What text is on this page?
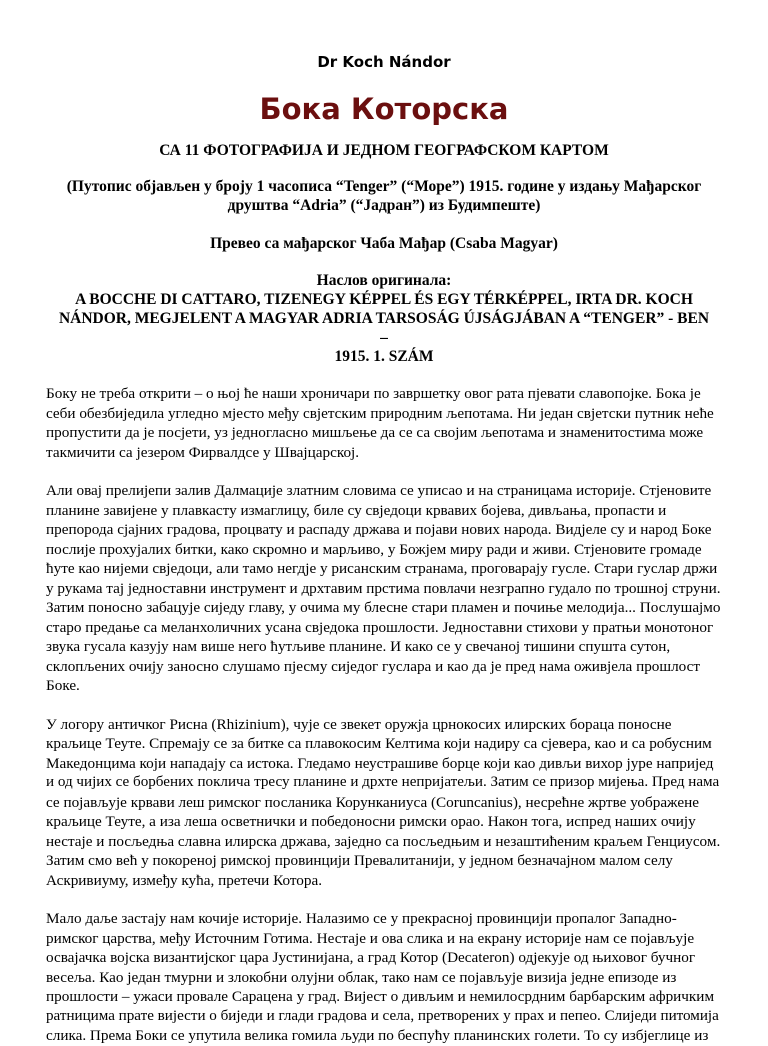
Dr Koch Nándor

Бока Которска

СА 11 ФОТОГРАФИЈА И ЈЕДНОМ ГЕОГРАФСКОМ КАРТОМ

(Путопис објављен у броју 1 часописа “Tenger” (“Море”) 1915. године у издању Мађарског
друштва “Adria” (“Јадран”) из Будимпеште)

Превео са мађарског Чаба Мађар (Csaba Magyar)

Наслов оригинала:

A BOCCHE DI CATTARO, TIZENEGY KÉPPEL ÉS EGY TÉRKÉPPEL, IRTA DR. KOCH
NÁNDOR, MEGJELENT A MAGYAR ADRIA TARSOSÁG ÚJSÁGJÁBAN A “TENGER” - BEN –
1915. 1. SZÁM

Боку не треба открити – о њој ће наши хроничари по завршетку овог рата пјевати славопојке. Бока је
себи обезбиједила угледно мјесто међу свјетским природним љепотама. Ни један свјетски путник неће
пропустити да је посјети, уз једногласно мишљење да се са својим љепотама и знаменитостима може
такмичити са језером Фирвалдсе у Швајцарској.

Али овај прелијепи залив Далмације златним словима се уписао и на страницама историје. Стјеновите
планине завијене у плавкасту измаглицу, биле су свједоци крвавих бојева, дивљања, пропасти и
препорода сјајних градова, процвату и распаду држава и појави нових народа. Видјеле су и народ Боке
послије прохујалих битки, како скромно и марљиво, у Божјем миру ради и живи. Стјеновите громаде
ћуте као нијеми свједоци, али тамо негдје у рисанским странама, проговарају гусле. Стари гуслар држи
у рукама тај једноставни инструмент и дрхтавим прстима повлачи незграпно гудало по трошној струни.
Затим поносно забацује сиједу главу, у очима му блеснe стари пламен и почиње мелодија... Послушајмо
старо предање са меланхоличних усана свједока прошлости. Једноставни стихови у пратњи монотоног
звука гусала казују нам више него ћутљиве планине. И како се у свечаној тишини спушта сутон,
склопљених очију заносно слушамо пјесму сиједог гуслара и као да је пред нама оживјела прошлост
Боке.

У логору античког Рисна (Rhizinium), чује се звекет оружја црнокосих илирских бораца поносне
краљице Теуте. Спремају се за битке са плавокосим Келтима који надиру са сјевера, као и са робусним
Македонцима који нападају са истока. Гледамо неустрашиве борце који као дивљи вихор јуре напријед
и од чијих се борбених поклича тресу планине и дрхте непријатељи. Затим се призор мијења. Пред нама
се појављује крвави леш римског посланика Корунканиуса (Coruncanius), несрећне жртве уображене
краљице Теуте, а иза леша осветнички и победоносни римски орао. Након тога, испред наших очију
нестаје и посљедња славна илирска држава, заједно са посљедњим и незаштићеним краљем Генциусом.
Затим смо већ у покореној римској провинцији Превалитанији, у једном безначајном малом селу
Аскривиуму, између кућа, претечи Котора.

Мало даље застају нам кочије историје. Налазимо се у прекрасној провинцији пропалог Западно-
римског царства, међу Источним Готима. Нестаје и ова слика и на екрану историје нам се појављује
освајачка војска византијског цара Јустинијана, а град Котор (Decateron) одјекује од њиховог бучног
весеља. Као један тмурни и злокобни олујни облак, тако нам се појављује визија једне епизоде из
прошлости – ужаси провале Сарацена у град. Вијест о дивљим и немилосрдним барбарским афричким
ратницима прате вијести о биједи и глади градова и села, претворених у прах и пепео. Слиједи питомија
слика. Према Боки се упутила велика гомила људи по беспућу планинских голети. То су избјеглице из
